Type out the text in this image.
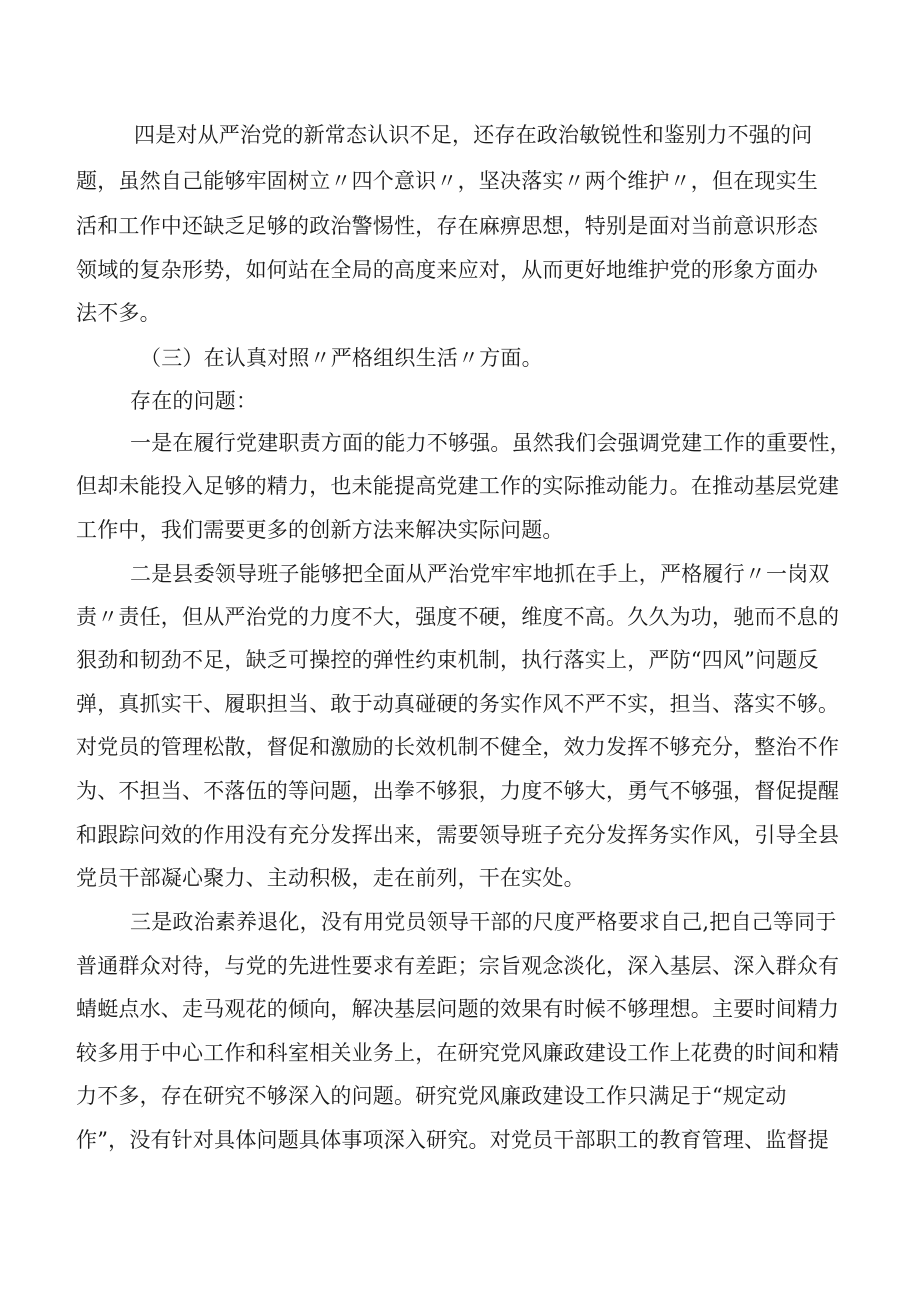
四是对从严治党的新常态认识不足，还存在政治敏锐性和鉴别力不强的问
题，虽然自己能够牢固树立〃四个意识〃，坚决落实〃两个维护〃，但在现实生
活和工作中还缺乏足够的政治警惕性，存在麻痹思想，特别是面对当前意识形态
领域的复杂形势，如何站在全局的高度来应对，从而更好地维护党的形象方面办
法不多。
（三）在认真对照〃严格组织生活〃方面。
存在的问题：
一是在履行党建职责方面的能力不够强。虽然我们会强调党建工作的重要性，
但却未能投入足够的精力，也未能提高党建工作的实际推动能力。在推动基层党建
工作中，我们需要更多的创新方法来解决实际问题。
二是县委领导班子能够把全面从严治党牢牢地抓在手上，严格履行〃一岗双
责〃责任，但从严治党的力度不大，强度不硬，维度不高。久久为功，驰而不息的
狠劲和韧劲不足，缺乏可操控的弹性约束机制，执行落实上，严防“四风”问题反
弹，真抓实干、履职担当、敢于动真碰硬的务实作风不严不实，担当、落实不够。
对党员的管理松散，督促和激励的长效机制不健全，效力发挥不够充分，整治不作
为、不担当、不落伍的等问题，出拳不够狠，力度不够大，勇气不够强，督促提醒
和跟踪问效的作用没有充分发挥出来，需要领导班子充分发挥务实作风，引导全县
党员干部凝心聚力、主动积极，走在前列，干在实处。
三是政治素养退化，没有用党员领导干部的尺度严格要求自己,把自己等同于
普通群众对待，与党的先进性要求有差距；宗旨观念淡化，深入基层、深入群众有
蜻蜓点水、走马观花的倾向，解决基层问题的效果有时候不够理想。主要时间精力
较多用于中心工作和科室相关业务上，在研究党风廉政建设工作上花费的时间和精
力不多，存在研究不够深入的问题。研究党风廉政建设工作只满足于“规定动
作”，没有针对具体问题具体事项深入研究。对党员干部职工的教育管理、监督提
